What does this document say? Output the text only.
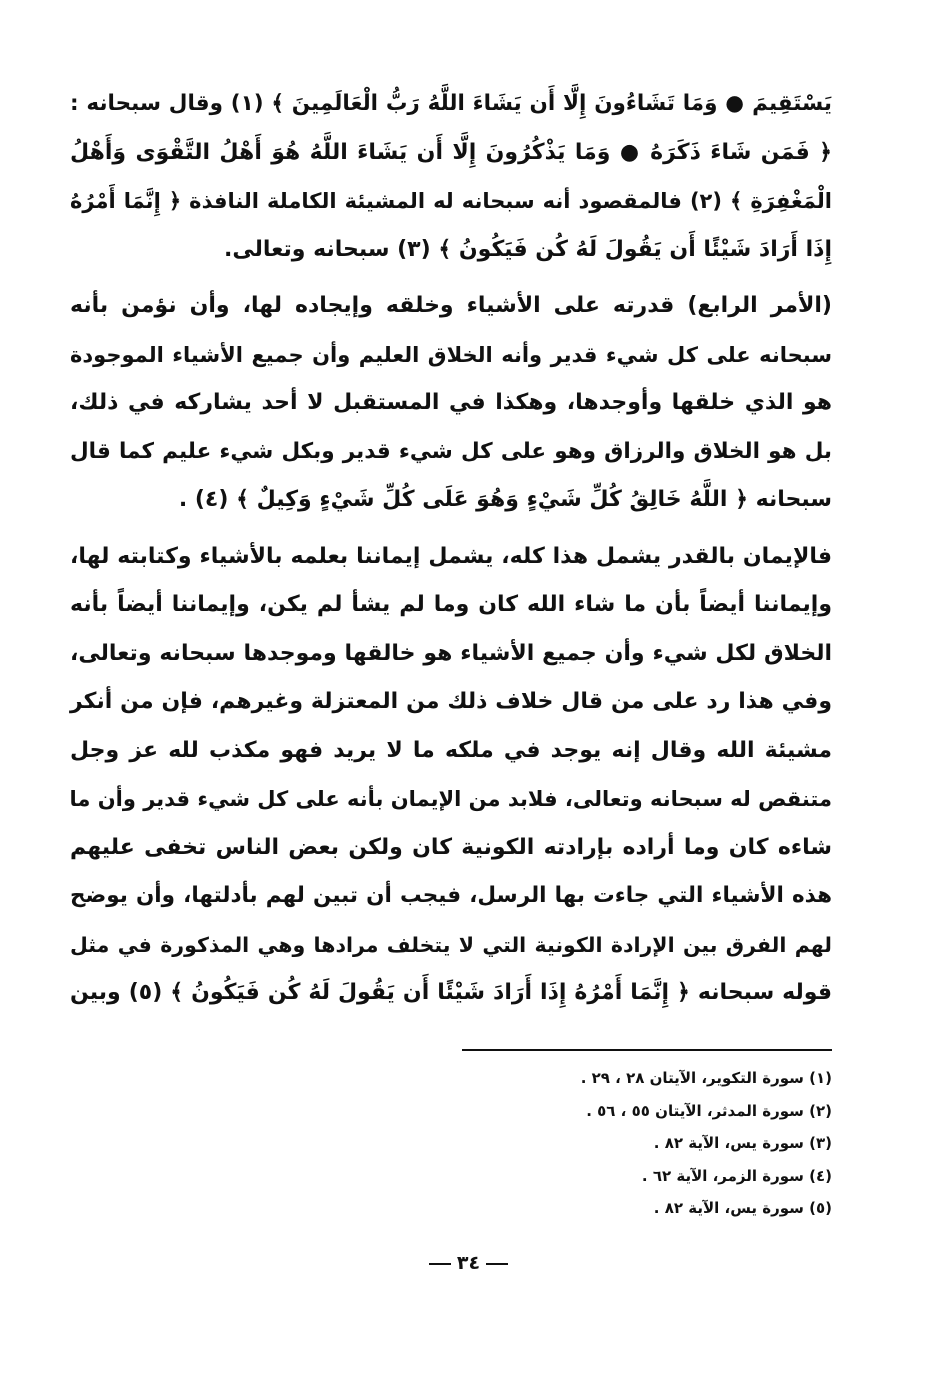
يَسْتَقِيمَ ● وَمَا تَشَاءُونَ إِلَّا أَن يَشَاءَ اللَّهُ رَبُّ الْعَالَمِينَ ﴾ (١) وقال سبحانه :
﴿ فَمَن شَاءَ ذَكَرَهُ ● وَمَا يَذْكُرُونَ إِلَّا أَن يَشَاءَ اللَّهُ هُوَ أَهْلُ التَّقْوَى وَأَهْلُ
الْمَغْفِرَةِ ﴾ (٢) فالمقصود أنه سبحانه له المشيئة الكاملة النافذة ﴿ إِنَّمَا أَمْرُهُ
إِذَا أَرَادَ شَيْئًا أَن يَقُولَ لَهُ كُن فَيَكُونُ ﴾ (٣) سبحانه وتعالى.
(الأمر الرابع) قدرته على الأشياء وخلقه وإيجاده لها، وأن نؤمن بأنه
سبحانه على كل شيء قدير وأنه الخلاق العليم وأن جميع الأشياء الموجودة
هو الذي خلقها وأوجدها، وهكذا في المستقبل لا أحد يشاركه في ذلك،
بل هو الخلاق والرزاق وهو على كل شيء قدير وبكل شيء عليم كما قال
سبحانه ﴿ اللَّهُ خَالِقُ كُلِّ شَيْءٍ وَهُوَ عَلَى كُلِّ شَيْءٍ وَكِيلٌ ﴾ (٤) .
فالإيمان بالقدر يشمل هذا كله، يشمل إيماننا بعلمه بالأشياء وكتابته لها،
وإيماننا أيضاً بأن ما شاء الله كان وما لم يشأ لم يكن، وإيماننا أيضاً بأنه
الخلاق لكل شيء وأن جميع الأشياء هو خالقها وموجدها سبحانه وتعالى،
وفي هذا رد على من قال خلاف ذلك من المعتزلة وغيرهم، فإن من أنكر
مشيئة الله وقال إنه يوجد في ملكه ما لا يريد فهو مكذب لله عز وجل
متنقص له سبحانه وتعالى، فلابد من الإيمان بأنه على كل شيء قدير وأن ما
شاءه كان وما أراده بإرادته الكونية كان ولكن بعض الناس تخفى عليهم
هذه الأشياء التي جاءت بها الرسل، فيجب أن تبين لهم بأدلتها، وأن يوضح
لهم الفرق بين الإرادة الكونية التي لا يتخلف مرادها وهي المذكورة في مثل
قوله سبحانه ﴿ إِنَّمَا أَمْرُهُ إِذَا أَرَادَ شَيْئًا أَن يَقُولَ لَهُ كُن فَيَكُونُ ﴾ (٥) وبين
(١) سورة التكوير، الآيتان ٢٨ ، ٢٩ .
(٢) سورة المدثر، الآيتان ٥٥ ، ٥٦ .
(٣) سورة يس، الآية ٨٢ .
(٤) سورة الزمر، الآية ٦٢ .
(٥) سورة يس، الآية ٨٢ .
٣٤
